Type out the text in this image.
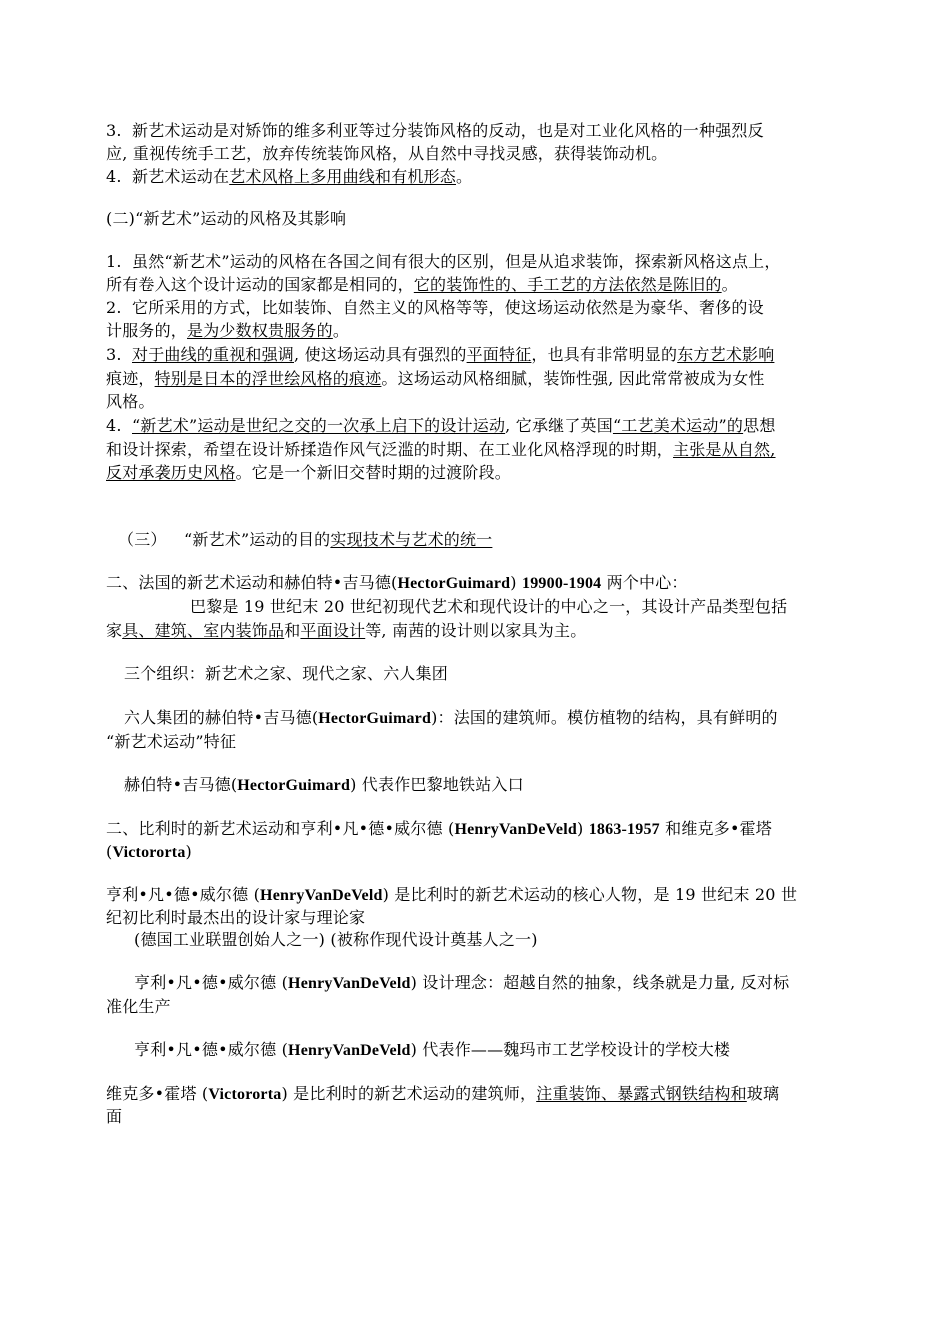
3. 新艺术运动是对矫饰的维多利亚等过分装饰风格的反动，也是对工业化风格的一种强烈反
应, 重视传统手工艺，放弃传统装饰风格，从自然中寻找灵感，获得装饰动机。
4. 新艺术运动在艺术风格上多用曲线和有机形态。
(二)“新艺术”运动的风格及其影响
1. 虽然“新艺术”运动的风格在各国之间有很大的区别，但是从追求装饰，探索新风格这点上，
所有卷入这个设计运动的国家都是相同的，它的装饰性的、手工艺的方法依然是陈旧的。
2. 它所采用的方式，比如装饰、自然主义的风格等等，使这场运动依然是为豪华、奢侈的设
计服务的，是为少数权贵服务的。
3. 对于曲线的重视和强调, 使这场运动具有强烈的平面特征，也具有非常明显的东方艺术影响
痕迹，特别是日本的浮世绘风格的痕迹。这场运动风格细腻，装饰性强, 因此常常被成为女性
风格。
4. “新艺术”运动是世纪之交的一次承上启下的设计运动, 它承继了英国“工艺美术运动”的思想
和设计探索，希望在设计矫揉造作风气泛滥的时期、在工业化风格浮现的时期，主张是从自然,
反对承袭历史风格。它是一个新旧交替时期的过渡阶段。
（三） “新艺术”运动的目的实现技术与艺术的统一
二、法国的新艺术运动和赫伯特•吉马德(HectorGuimard) 19900-1904 两个中心：
巴黎是 19 世纪末 20 世纪初现代艺术和现代设计的中心之一，其设计产品类型包括
家具、建筑、室内装饰品和平面设计等, 南茜的设计则以家具为主。
三个组织：新艺术之家、现代之家、六人集团
六人集团的赫伯特•吉马德(HectorGuimard)：法国的建筑师。模仿植物的结构，具有鲜明的
“新艺术运动”特征
赫伯特•吉马德(HectorGuimard) 代表作巴黎地铁站入口
二、比利时的新艺术运动和亨利•凡•德•威尔德 (HenryVanDeVeld) 1863-1957 和维克多•霍塔
(Victororta)
亨利•凡•德•威尔德 (HenryVanDeVeld) 是比利时的新艺术运动的核心人物，是 19 世纪末 20 世
纪初比利时最杰出的设计家与理论家
(德国工业联盟创始人之一) (被称作现代设计奠基人之一)
亨利•凡•德•威尔德 (HenryVanDeVeld) 设计理念：超越自然的抽象，线条就是力量, 反对标
准化生产
亨利•凡•德•威尔德 (HenryVanDeVeld) 代表作——魏玛市工艺学校设计的学校大楼
维克多•霍塔 (Victororta) 是比利时的新艺术运动的建筑师，注重装饰、暴露式钢铁结构和玻璃
面
